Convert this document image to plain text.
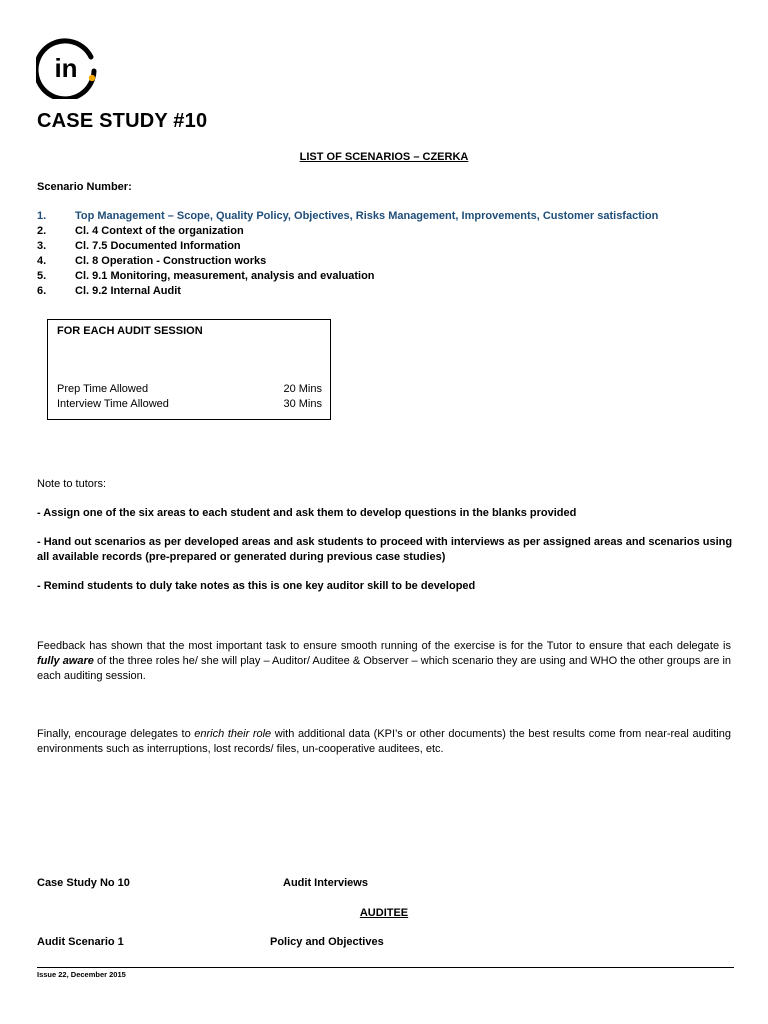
in
CASE STUDY #10
LIST OF SCENARIOS – CZERKA
Scenario Number:
1.	Top Management – Scope, Quality Policy, Objectives, Risks Management, Improvements, Customer satisfaction
2.	Cl. 4 Context of the organization
3.	Cl. 7.5 Documented Information
4.	Cl. 8 Operation - Construction works
5.	Cl. 9.1 Monitoring, measurement, analysis and evaluation
6.	Cl. 9.2 Internal Audit
FOR EACH AUDIT SESSION
Prep Time Allowed	20 Mins
Interview Time Allowed	30 Mins
Note to tutors:
- Assign one of the six areas to each student and ask them to develop questions in the blanks provided
- Hand out scenarios as per developed areas and ask students to proceed with interviews as per assigned areas and scenarios using all available records (pre-prepared or generated during previous case studies)
- Remind students to duly take notes as this is one key auditor skill to be developed
Feedback has shown that the most important task to ensure smooth running of the exercise is for the Tutor to ensure that each delegate is fully aware of the three roles he/ she will play – Auditor/ Auditee & Observer – which scenario they are using and WHO the other groups are in each auditing session.
Finally, encourage delegates to enrich their role with additional data (KPI’s or other documents) the best results come from near-real auditing environments such as interruptions, lost records/ files, un-cooperative auditees, etc.
Case Study No 10	Audit Interviews
AUDITEE
Audit Scenario 1	Policy and Objectives
Issue 22, December 2015
